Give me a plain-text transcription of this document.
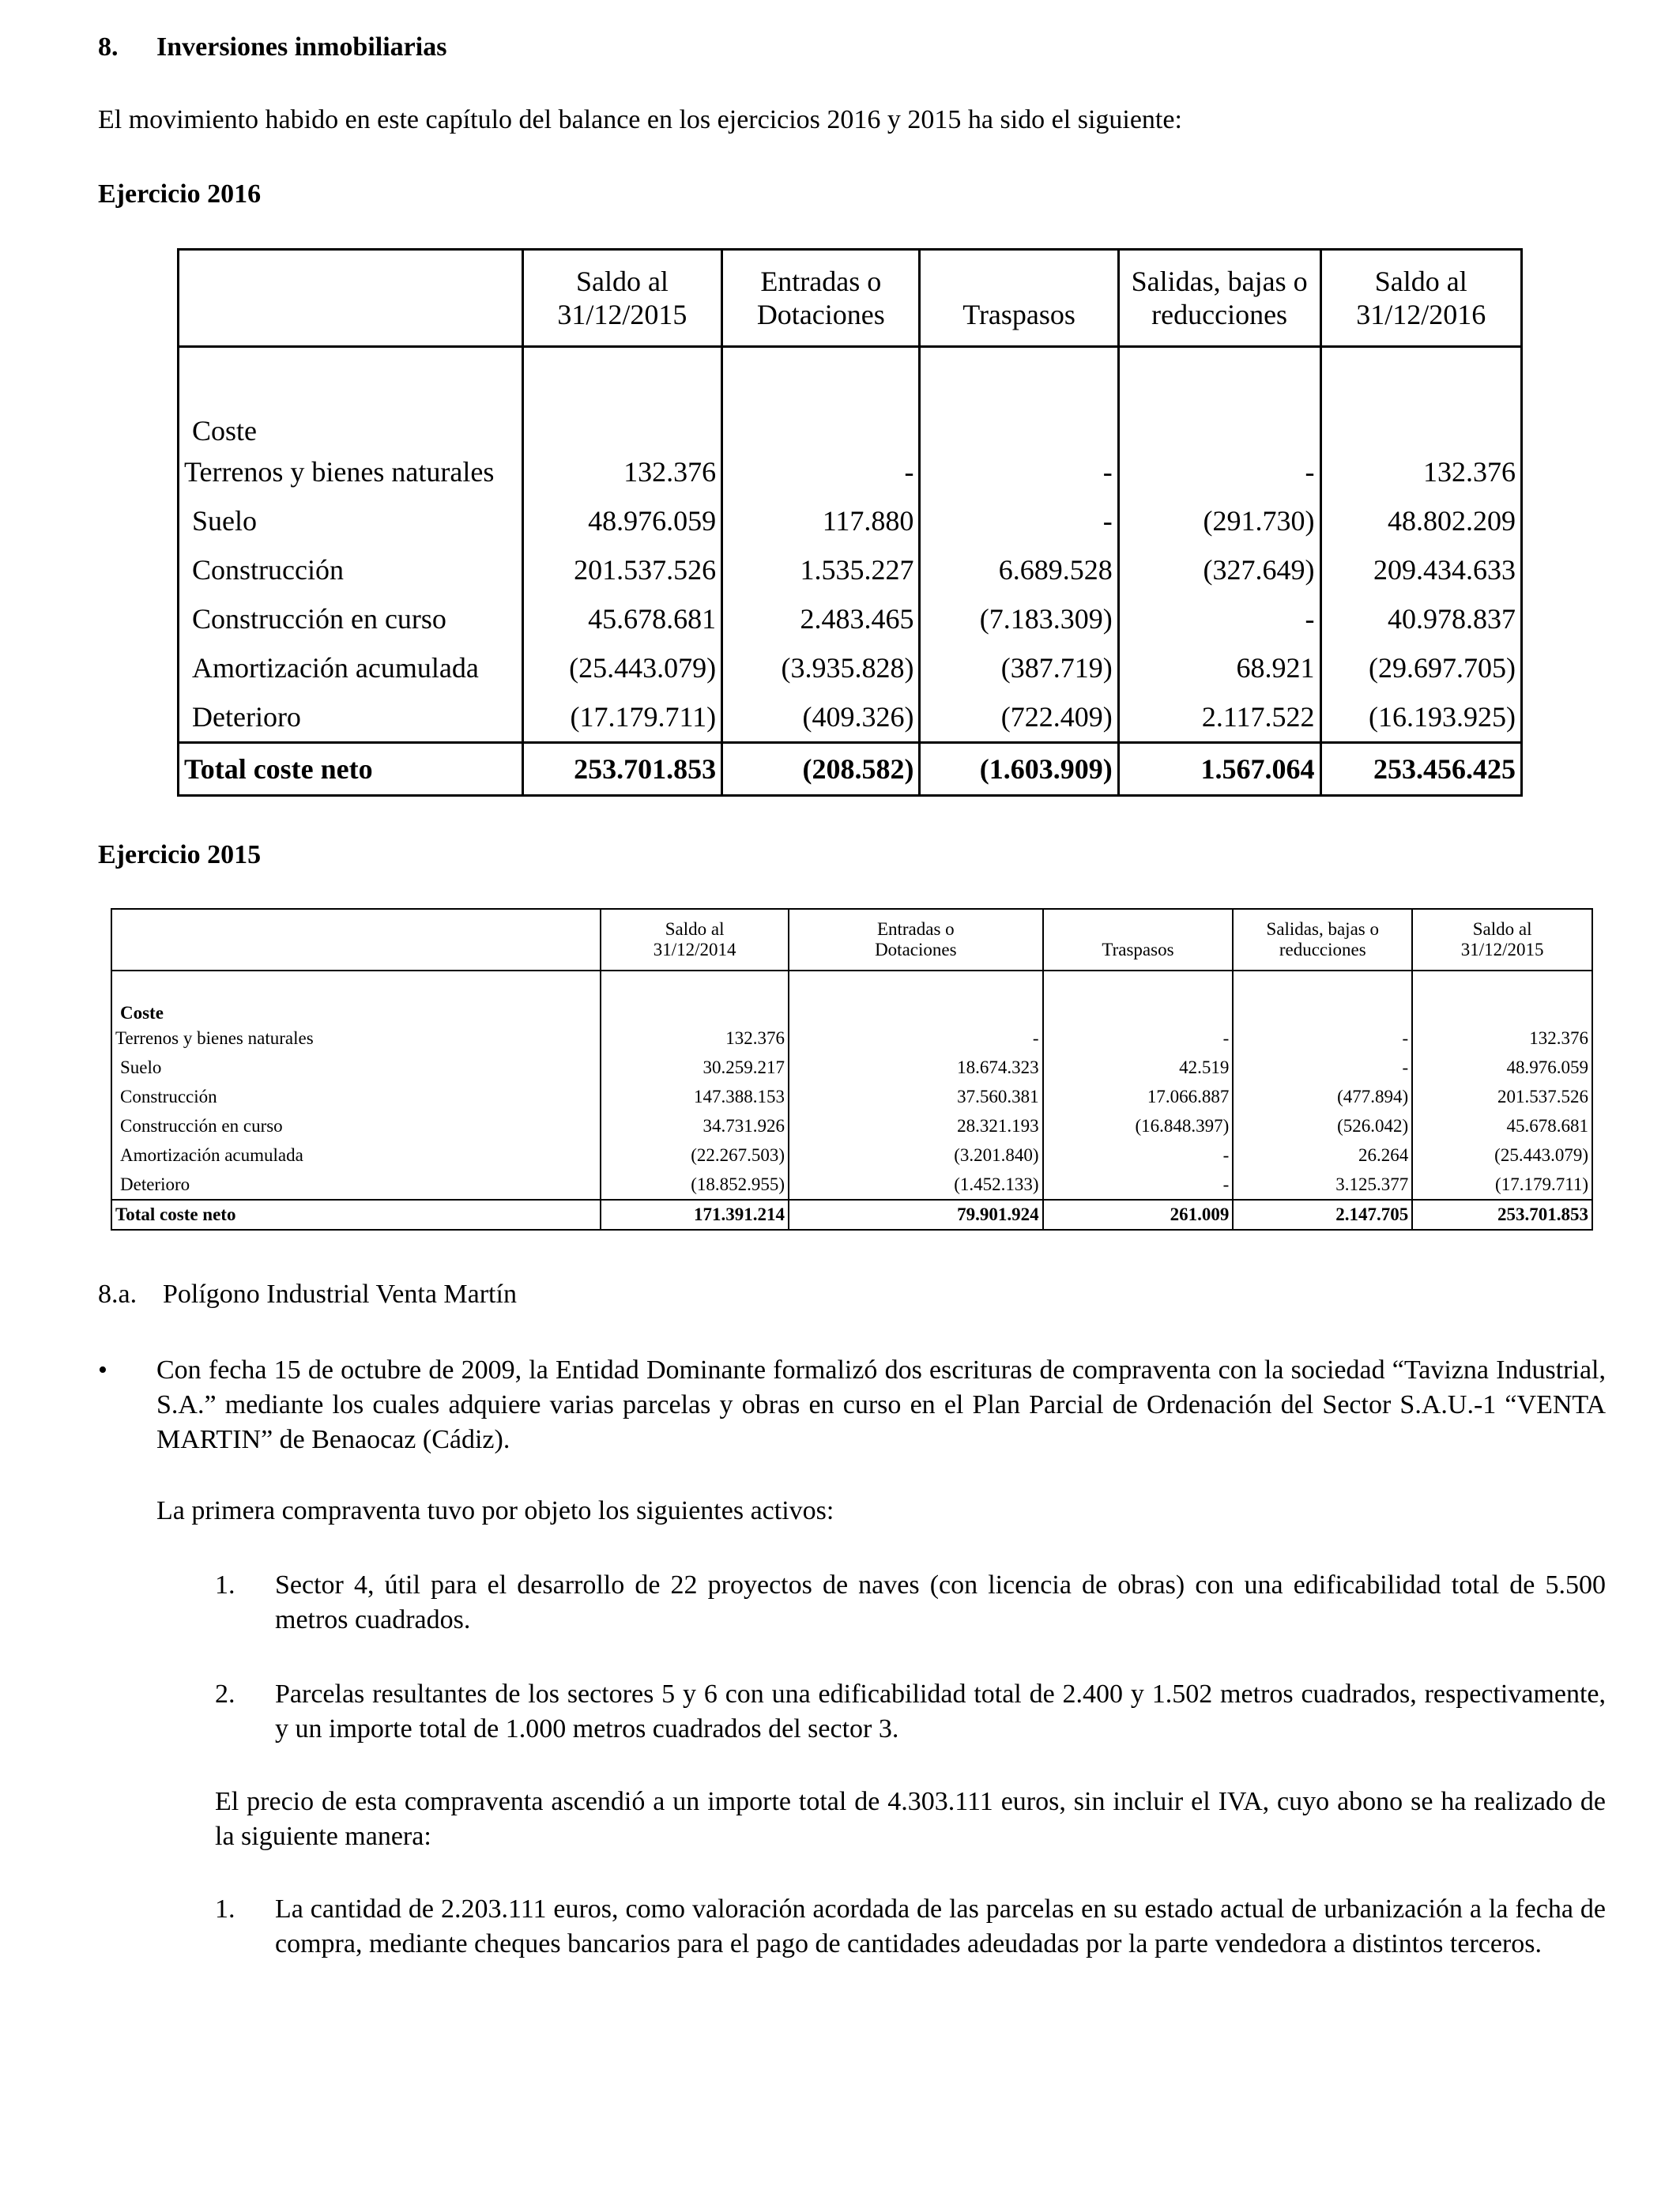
8. Inversiones inmobiliarias
El movimiento habido en este capítulo del balance en los ejercicios 2016 y 2015 ha sido el siguiente:
Ejercicio 2016
	Saldo al	Entradas o		Salidas, bajas o	Saldo al
	31/12/2015	Dotaciones	Traspasos	reducciones	31/12/2016

Coste					
Terrenos y bienes naturales	132.376	-	-	-	132.376
Suelo	48.976.059	117.880	-	(291.730)	48.802.209
Construcción	201.537.526	1.535.227	6.689.528	(327.649)	209.434.633
Construcción en curso	45.678.681	2.483.465	(7.183.309)	-	40.978.837
Amortización acumulada	(25.443.079)	(3.935.828)	(387.719)	68.921	(29.697.705)
Deterioro	(17.179.711)	(409.326)	(722.409)	2.117.522	(16.193.925)
Total coste neto	253.701.853	(208.582)	(1.603.909)	1.567.064	253.456.425
Ejercicio 2015
	Saldo al	Entradas o		Salidas, bajas o	Saldo al
	31/12/2014	Dotaciones	Traspasos	reducciones	31/12/2015

Coste					
Terrenos y bienes naturales	132.376	-	-	-	132.376
Suelo	30.259.217	18.674.323	42.519	-	48.976.059
Construcción	147.388.153	37.560.381	17.066.887	(477.894)	201.537.526
Construcción en curso	34.731.926	28.321.193	(16.848.397)	(526.042)	45.678.681
Amortización acumulada	(22.267.503)	(3.201.840)	-	26.264	(25.443.079)
Deterioro	(18.852.955)	(1.452.133)	-	3.125.377	(17.179.711)
Total coste neto	171.391.214	79.901.924	261.009	2.147.705	253.701.853
8.a. Polígono Industrial Venta Martín
• Con fecha 15 de octubre de 2009, la Entidad Dominante formalizó dos escrituras de compraventa con la sociedad “Tavizna Industrial, S.A.” mediante los cuales adquiere varias parcelas y obras en curso en el Plan Parcial de Ordenación del Sector S.A.U.-1 “VENTA MARTIN” de Benaocaz (Cádiz).
La primera compraventa tuvo por objeto los siguientes activos:
1. Sector 4, útil para el desarrollo de 22 proyectos de naves (con licencia de obras) con una edificabilidad total de 5.500 metros cuadrados.
2. Parcelas resultantes de los sectores 5 y 6 con una edificabilidad total de 2.400 y 1.502 metros cuadrados, respectivamente, y un importe total de 1.000 metros cuadrados del sector 3.
El precio de esta compraventa ascendió a un importe total de 4.303.111 euros, sin incluir el IVA, cuyo abono se ha realizado de la siguiente manera:
1. La cantidad de 2.203.111 euros, como valoración acordada de las parcelas en su estado actual de urbanización a la fecha de compra, mediante cheques bancarios para el pago de cantidades adeudadas por la parte vendedora a distintos terceros.
